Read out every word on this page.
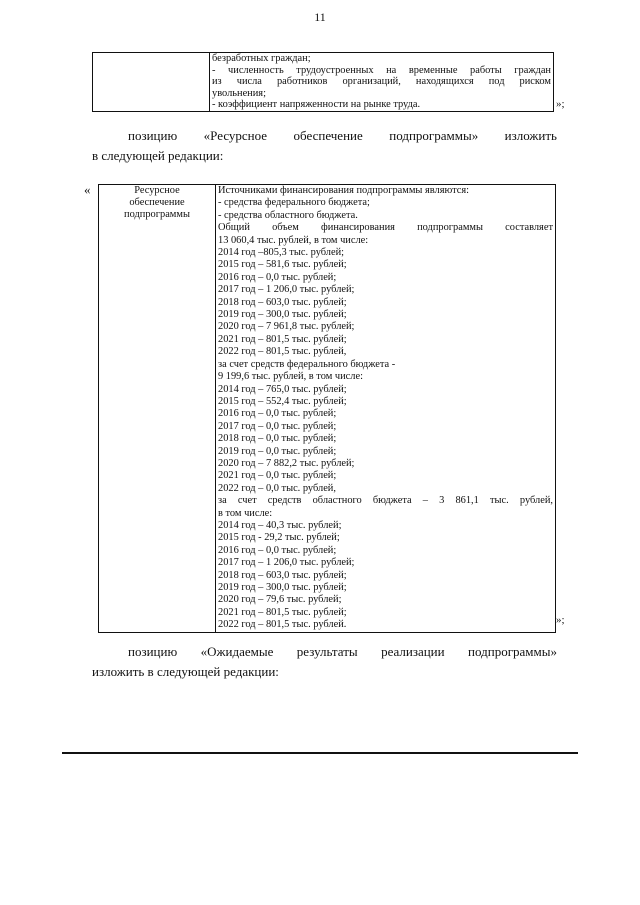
11

безработных граждан;
- численность трудоустроенных на временные работы граждан
из числа работников организаций, находящихся под риском
увольнения;
- коэффициент напряженности на рынке труда.	»;
позицию «Ресурсное обеспечение подпрограммы» изложить
в следующей редакции:
«	Ресурсное
обеспечение
подпрограммы

Источниками финансирования подпрограммы являются:
- средства федерального бюджета;
- средства областного бюджета.
Общий объем финансирования подпрограммы составляет
13 060,4 тыс. рублей, в том числе:
2014 год –805,3 тыс. рублей;
2015 год – 581,6 тыс. рублей;
2016 год – 0,0 тыс. рублей;
2017 год – 1 206,0 тыс. рублей;
2018 год – 603,0 тыс. рублей;
2019 год – 300,0 тыс. рублей;
2020 год – 7 961,8 тыс. рублей;
2021 год – 801,5 тыс. рублей;
2022 год – 801,5 тыс. рублей,
за счет средств федерального бюджета -
9 199,6 тыс. рублей, в том числе:
2014 год – 765,0 тыс. рублей;
2015 год – 552,4 тыс. рублей;
2016 год – 0,0 тыс. рублей;
2017 год – 0,0 тыс. рублей;
2018 год – 0,0 тыс. рублей;
2019 год – 0,0 тыс. рублей;
2020 год – 7 882,2 тыс. рублей;
2021 год – 0,0 тыс. рублей;
2022 год – 0,0 тыс. рублей,
за счет средств областного бюджета – 3 861,1 тыс. рублей,
в том числе:
2014 год – 40,3 тыс. рублей;
2015 год - 29,2 тыс. рублей;
2016 год – 0,0 тыс. рублей;
2017 год – 1 206,0 тыс. рублей;
2018 год – 603,0 тыс. рублей;
2019 год – 300,0 тыс. рублей;
2020 год – 79,6 тыс. рублей;
2021 год – 801,5 тыс. рублей;
2022 год – 801,5 тыс. рублей.	»;
позицию «Ожидаемые результаты реализации подпрограммы»
изложить в следующей редакции:
